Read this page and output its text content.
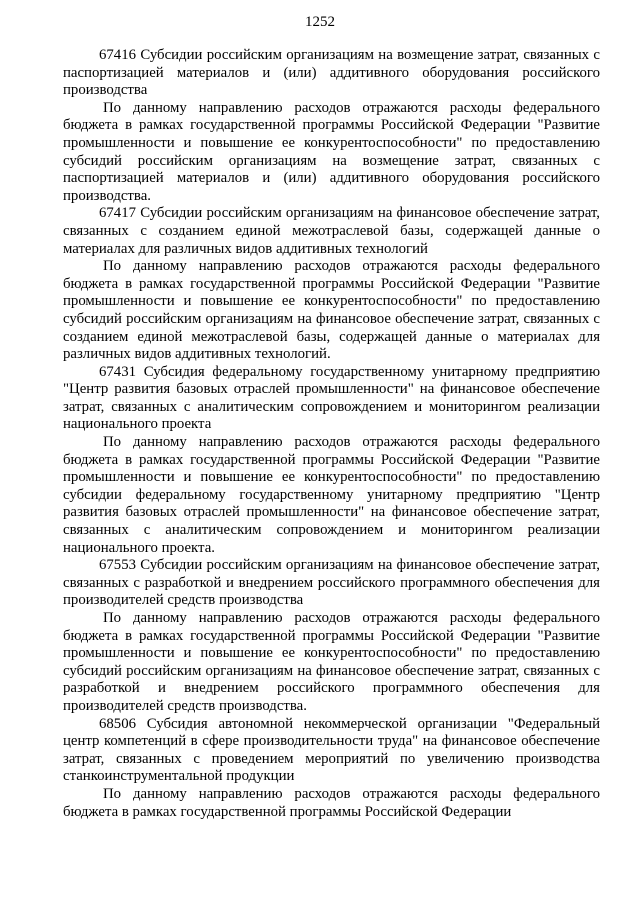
1252

67416 Субсидии российским организациям на возмещение затрат, связанных с паспортизацией материалов и (или) аддитивного оборудования российского производства

По данному направлению расходов отражаются расходы федерального бюджета в рамках государственной программы Российской Федерации "Развитие промышленности и повышение ее конкурентоспособности" по предоставлению субсидий российским организациям на возмещение затрат, связанных с паспортизацией материалов и (или) аддитивного оборудования российского производства.

67417 Субсидии российским организациям на финансовое обеспечение затрат, связанных с созданием единой межотраслевой базы, содержащей данные о материалах для различных видов аддитивных технологий

По данному направлению расходов отражаются расходы федерального бюджета в рамках государственной программы Российской Федерации "Развитие промышленности и повышение ее конкурентоспособности" по предоставлению субсидий российским организациям на финансовое обеспечение затрат, связанных с созданием единой межотраслевой базы, содержащей данные о материалах для различных видов аддитивных технологий.

67431 Субсидия федеральному государственному унитарному предприятию "Центр развития базовых отраслей промышленности" на финансовое обеспечение затрат, связанных с аналитическим сопровождением и мониторингом реализации национального проекта

По данному направлению расходов отражаются расходы федерального бюджета в рамках государственной программы Российской Федерации "Развитие промышленности и повышение ее конкурентоспособности" по предоставлению субсидии федеральному государственному унитарному предприятию "Центр развития базовых отраслей промышленности" на финансовое обеспечение затрат, связанных с аналитическим сопровождением и мониторингом реализации национального проекта.

67553 Субсидии российским организациям на финансовое обеспечение затрат, связанных с разработкой и внедрением российского программного обеспечения для производителей средств производства

По данному направлению расходов отражаются расходы федерального бюджета в рамках государственной программы Российской Федерации "Развитие промышленности и повышение ее конкурентоспособности" по предоставлению субсидий российским организациям на финансовое обеспечение затрат, связанных с разработкой и внедрением российского программного обеспечения для производителей средств производства.

68506 Субсидия автономной некоммерческой организации "Федеральный центр компетенций в сфере производительности труда" на финансовое обеспечение затрат, связанных с проведением мероприятий по увеличению производства станкоинструментальной продукции

По данному направлению расходов отражаются расходы федерального бюджета в рамках государственной программы Российской Федерации
